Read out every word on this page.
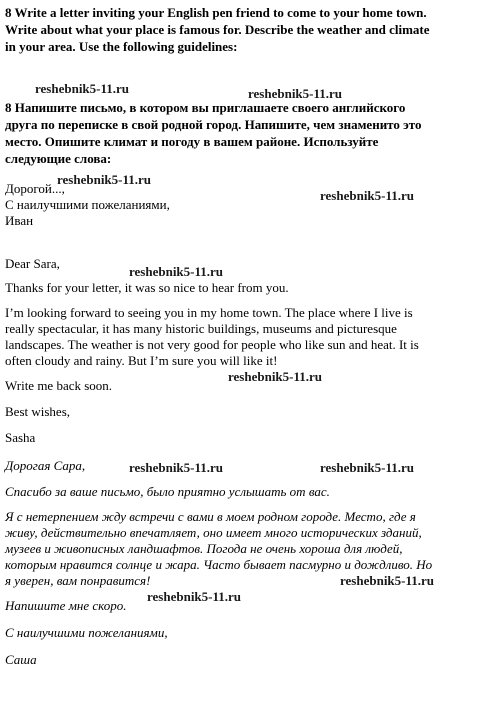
8 Write a letter inviting your English pen friend to come to your home town.
Write about what your place is famous for. Describe the weather and climate
in your area. Use the following guidelines:
8 Напишите письмо, в котором вы приглашаете своего английского
друга по переписке в свой родной город. Напишите, чем знаменито это
место. Опишите климат и погоду в вашем районе. Используйте
следующие слова:
Дорогой...,
С наилучшими пожеланиями,
Иван
Dear Sara,
Thanks for your letter, it was so nice to hear from you.
I’m looking forward to seeing you in my home town. The place where I live is
really spectacular, it has many historic buildings, museums and picturesque
landscapes. The weather is not very good for people who like sun and heat. It is
often cloudy and rainy. But I’m sure you will like it!
Write me back soon.
Best wishes,
Sasha
Дорогая Сара,
Спасибо за ваше письмо, было приятно услышать от вас.
Я с нетерпением жду встречи с вами в моем родном городе. Место, где я
живу, действительно впечатляет, оно имеет много исторических зданий,
музеев и живописных ландшафтов. Погода не очень хороша для людей,
которым нравится солнце и жара. Часто бывает пасмурно и дождливо. Но
я уверен, вам понравится!
Напишите мне скоро.
С наилучшими пожеланиями,
Саша
reshebnik5-11.ru	reshebnik5-11.ru
reshebnik5-11.ru
reshebnik5-11.ru
reshebnik5-11.ru
reshebnik5-11.ru
reshebnik5-11.ru	reshebnik5-11.ru
reshebnik5-11.ru
reshebnik5-11.ru
